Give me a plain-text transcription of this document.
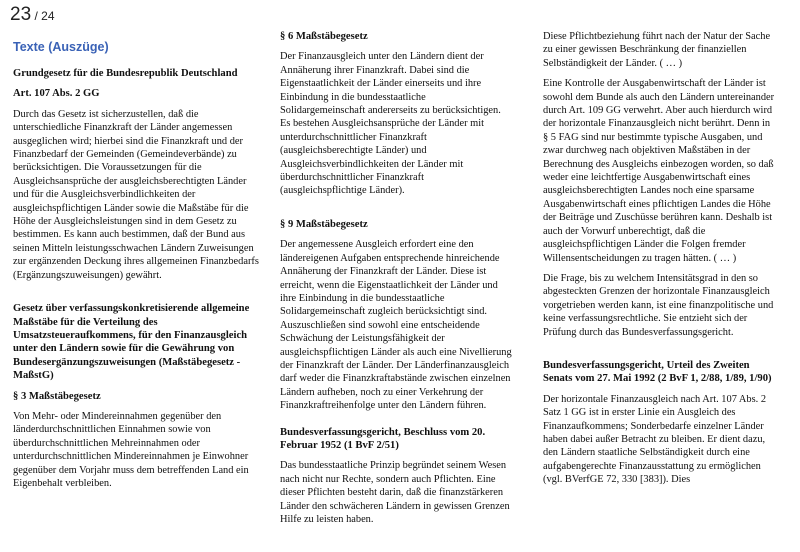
23 / 24
Texte (Auszüge)
Grundgesetz für die Bundesrepublik Deutschland
Art. 107 Abs. 2 GG

Durch das Gesetz ist sicherzustellen, daß die unterschiedliche Finanzkraft der Länder angemessen ausgeglichen wird; hierbei sind die Finanzkraft und der Finanzbedarf der Gemeinden (Gemeindeverbände) zu berücksichtigen. Die Voraussetzungen für die Ausgleichsansprüche der ausgleichsberechtigten Länder und für die Ausgleichsverbindlichkeiten der ausgleichspflichtigen Länder sowie die Maßstäbe für die Höhe der Ausgleichsleistungen sind in dem Gesetz zu bestimmen. Es kann auch bestimmen, daß der Bund aus seinen Mitteln leistungsschwachen Ländern Zuweisungen zur ergänzenden Deckung ihres allgemeinen Finanzbedarfs (Ergänzungszuweisungen) gewährt.

Gesetz über verfassungskonkretisierende allgemeine Maßstäbe für die Verteilung des Umsatzsteueraufkommens, für den Finanzausgleich unter den Ländern sowie für die Gewährung von Bundesergänzungszuweisungen (Maßstäbegesetz - MaßstG)
§ 3 Maßstäbegesetz

Von Mehr- oder Mindereinnahmen gegenüber den länderdurchschnittlichen Einnahmen sowie von überdurchschnittlichen Mehreinnahmen oder unterdurchschnittlichen Mindereinnahmen je Einwohner gegenüber dem Vorjahr muss dem betreffenden Land ein Eigenbehalt verbleiben.

§ 6 Maßstäbegesetz

Der Finanzausgleich unter den Ländern dient der Annäherung ihrer Finanzkraft. Dabei sind die Eigenstaatlichkeit der Länder einerseits und ihre Einbindung in die bundesstaatliche Solidargemeinschaft andererseits zu berücksichtigen. Es bestehen Ausgleichsansprüche der Länder mit unterdurchschnittlicher Finanzkraft (ausgleichsberechtigte Länder) und Ausgleichsverbindlichkeiten der Länder mit überdurchschnittlicher Finanzkraft (ausgleichspflichtige Länder).

§ 9 Maßstäbegesetz

Der angemessene Ausgleich erfordert eine den ländereigenen Aufgaben entsprechende hinreichende Annäherung der Finanzkraft der Länder. Diese ist erreicht, wenn die Eigenstaatlichkeit der Länder und ihre Einbindung in die bundesstaatliche Solidargemeinschaft zugleich berücksichtigt sind. Auszuschließen sind sowohl eine entscheidende Schwächung der Leistungsfähigkeit der ausgleichspflichtigen Länder als auch eine Nivellierung der Finanzkraft der Länder. Der Länderfinanzausgleich darf weder die Finanzkraftabstände zwischen einzelnen Ländern aufheben, noch zu einer Verkehrung der Finanzkraftreihenfolge unter den Ländern führen.

Bundesverfassungsgericht, Beschluss vom 20. Februar 1952 (1 BvF 2/51)

Das bundesstaatliche Prinzip begründet seinem Wesen nach nicht nur Rechte, sondern auch Pflichten. Eine dieser Pflichten besteht darin, daß die finanzstärkeren Länder den schwächeren Ländern in gewissen Grenzen Hilfe zu leisten haben.

Diese Pflichtbeziehung führt nach der Natur der Sache zu einer gewissen Beschränkung der finanziellen Selbständigkeit der Länder. ( … )

Eine Kontrolle der Ausgabenwirtschaft der Länder ist sowohl dem Bunde als auch den Ländern untereinander durch Art. 109 GG verwehrt. Aber auch hierdurch wird der horizontale Finanzausgleich nicht berührt. Denn in § 5 FAG sind nur bestimmte typische Ausgaben, und zwar durchweg nach objektiven Maßstäben in der Berechnung des Ausgleichs einbezogen worden, so daß weder eine leichtfertige Ausgabenwirtschaft eines ausgleichsberechtigten Landes noch eine sparsame Ausgabenwirtschaft eines pflichtigen Landes die Höhe der Beiträge und Zuschüsse berühren kann. Deshalb ist auch der Vorwurf unberechtigt, daß die ausgleichspflichtigen Länder die Folgen fremder Willensentscheidungen zu tragen hätten. ( … )

Die Frage, bis zu welchem Intensitätsgrad in den so abgesteckten Grenzen der horizontale Finanzausgleich vorgetrieben werden kann, ist eine finanzpolitische und keine verfassungsrechtliche. Sie entzieht sich der Prüfung durch das Bundesverfassungsgericht.

Bundesverfassungsgericht, Urteil des Zweiten Senats vom 27. Mai 1992 (2 BvF 1, 2/88, 1/89, 1/90)

Der horizontale Finanzausgleich nach Art. 107 Abs. 2 Satz 1 GG ist in erster Linie ein Ausgleich des Finanzaufkommens; Sonderbedarfe einzelner Länder haben dabei außer Betracht zu bleiben. Er dient dazu, den Ländern staatliche Selbständigkeit durch eine aufgabengerechte Finanzausstattung zu ermöglichen (vgl. BVerfGE 72, 330 [383]). Dies
